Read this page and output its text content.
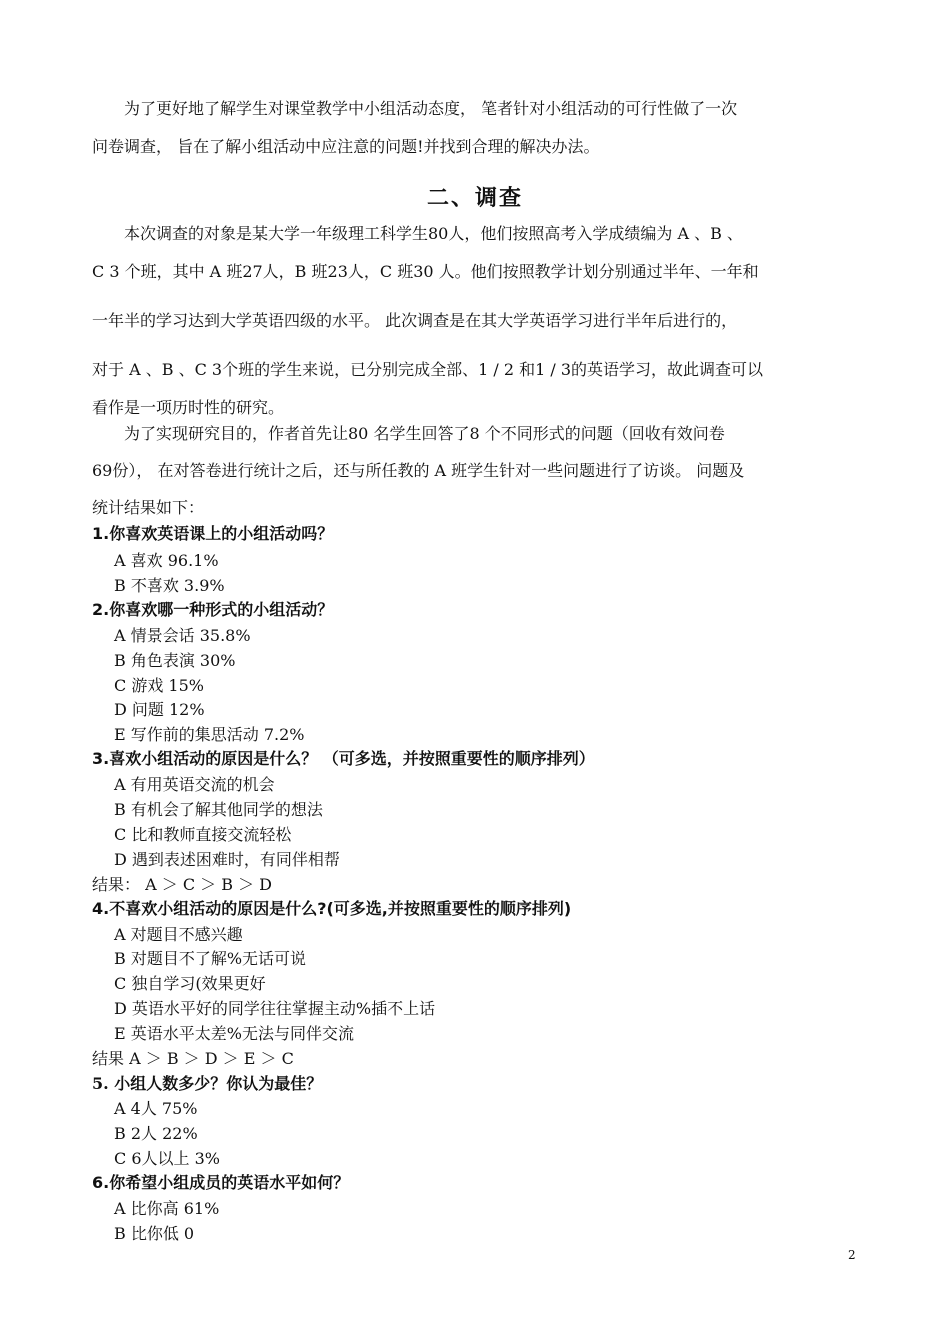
　　为了更好地了解学生对课堂教学中小组活动态度， 笔者针对小组活动的可行性做了一次
问卷调查， 旨在了解小组活动中应注意的问题!并找到合理的解决办法。
二、调查
　　本次调查的对象是某大学一年级理工科学生80人，他们按照高考入学成绩编为 A 、B 、
C 3 个班，其中 A 班27人，B 班23人，C 班30 人。他们按照教学计划分别通过半年、一年和
一年半的学习达到大学英语四级的水平。 此次调查是在其大学英语学习进行半年后进行的，
对于 A 、B 、C 3个班的学生来说，已分别完成全部、1 / 2 和1 / 3的英语学习，故此调查可以
看作是一项历时性的研究。
　　为了实现研究目的，作者首先让80 名学生回答了8 个不同形式的问题（回收有效问卷
69份）， 在对答卷进行统计之后，还与所任教的 A 班学生针对一些问题进行了访谈。 问题及
统计结果如下：
1.你喜欢英语课上的小组活动吗？
A 喜欢 96.1%
B 不喜欢 3.9%
2.你喜欢哪一种形式的小组活动？
A 情景会话 35.8%
B 角色表演 30%
C 游戏 15%
D 问题 12%
E 写作前的集思活动 7.2%
3.喜欢小组活动的原因是什么？ （可多选，并按照重要性的顺序排列）
A 有用英语交流的机会
B 有机会了解其他同学的想法
C 比和教师直接交流轻松
D 遇到表述困难时，有同伴相帮
结果： A ＞ C ＞ B ＞ D
4.不喜欢小组活动的原因是什么?(可多选,并按照重要性的顺序排列)
A 对题目不感兴趣
B 对题目不了解%无话可说
C 独自学习(效果更好
D 英语水平好的同学往往掌握主动%插不上话
E 英语水平太差%无法与同伴交流
结果 A ＞ B ＞ D ＞ E ＞ C
5. 小组人数多少？你认为最佳？
A 4人 75%
B 2人 22%
C 6人以上 3%
6.你希望小组成员的英语水平如何？
A 比你高 61%
B 比你低 0
2
